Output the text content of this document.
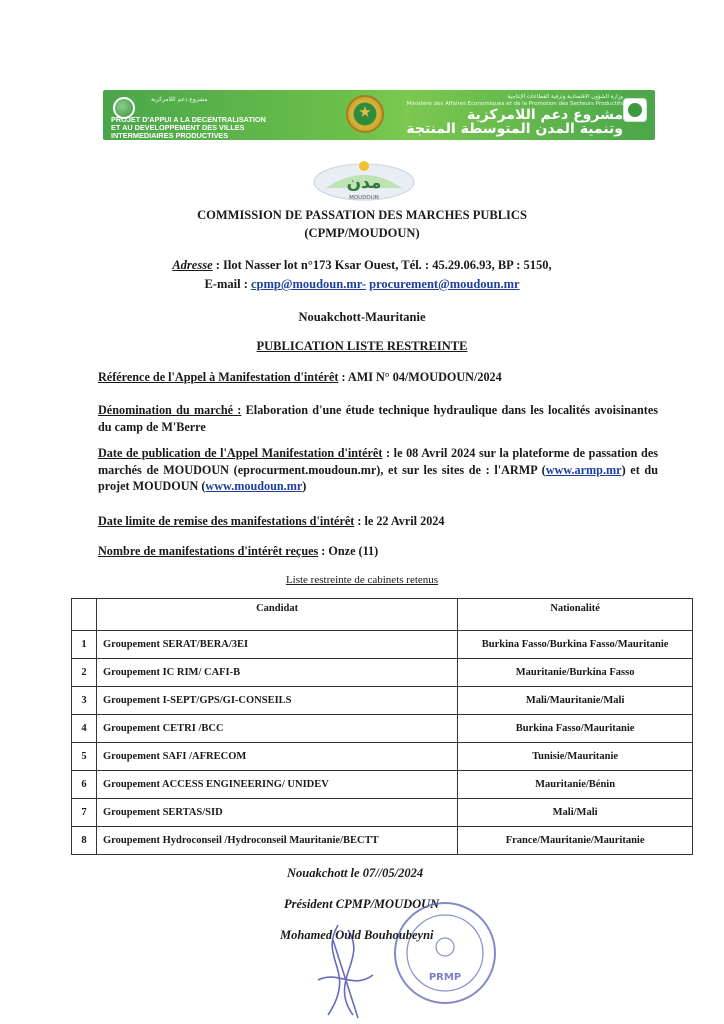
مشروع دعم اللامركزية
PROJET D'APPUI A LA DECENTRALISATION
ET AU DEVELOPPEMENT DES VILLES
INTERMEDIAIRES PRODUCTIVES
وزارة الشؤون الاقتصادية وترقية القطاعات الإنتاجية
Ministère des Affaires Economiques et de la Promotion des Secteurs Productifs
مشروع دعم اللامركزية
وتنمية المدن المتوسطة المنتجة
مدن
MOUDOUN
COMMISSION DE PASSATION DES MARCHES PUBLICS
(CPMP/MOUDOUN)
Adresse : Ilot Nasser lot n°173 Ksar Ouest, Tél. : 45.29.06.93, BP : 5150,
E-mail : cpmp@moudoun.mr- procurement@moudoun.mr
Nouakchott-Mauritanie
PUBLICATION LISTE RESTREINTE
Référence de l'Appel à Manifestation d'intérêt : AMI N° 04/MOUDOUN/2024
Dénomination du marché : Elaboration d'une étude technique hydraulique dans les localités avoisinantes du camp de M'Berre
Date de publication de l'Appel Manifestation d'intérêt : le 08 Avril 2024 sur la plateforme de passation des marchés de MOUDOUN (eprocurment.moudoun.mr), et sur les sites de : l'ARMP (www.armp.mr) et du projet MOUDOUN (www.moudoun.mr)
Date limite de remise des manifestations d'intérêt : le 22 Avril 2024
Nombre de manifestations d'intérêt reçues : Onze (11)
Liste restreinte de cabinets retenus
	Candidat	Nationalité
1	Groupement SERAT/BERA/3EI	Burkina Fasso/Burkina Fasso/Mauritanie
2	Groupement IC RIM/ CAFI-B	Mauritanie/Burkina Fasso
3	Groupement I-SEPT/GPS/GI-CONSEILS	Mali/Mauritanie/Mali
4	Groupement CETRI /BCC	Burkina Fasso/Mauritanie
5	Groupement SAFI /AFRECOM	Tunisie/Mauritanie
6	Groupement ACCESS ENGINEERING/ UNIDEV	Mauritanie/Bénin
7	Groupement SERTAS/SID	Mali/Mali
8	Groupement Hydroconseil /Hydroconseil Mauritanie/BECTT	France/Mauritanie/Mauritanie
Nouakchott le 07//05/2024
Président CPMP/MOUDOUN
PRMP
Mohamed Ould Bouhoubeyni
